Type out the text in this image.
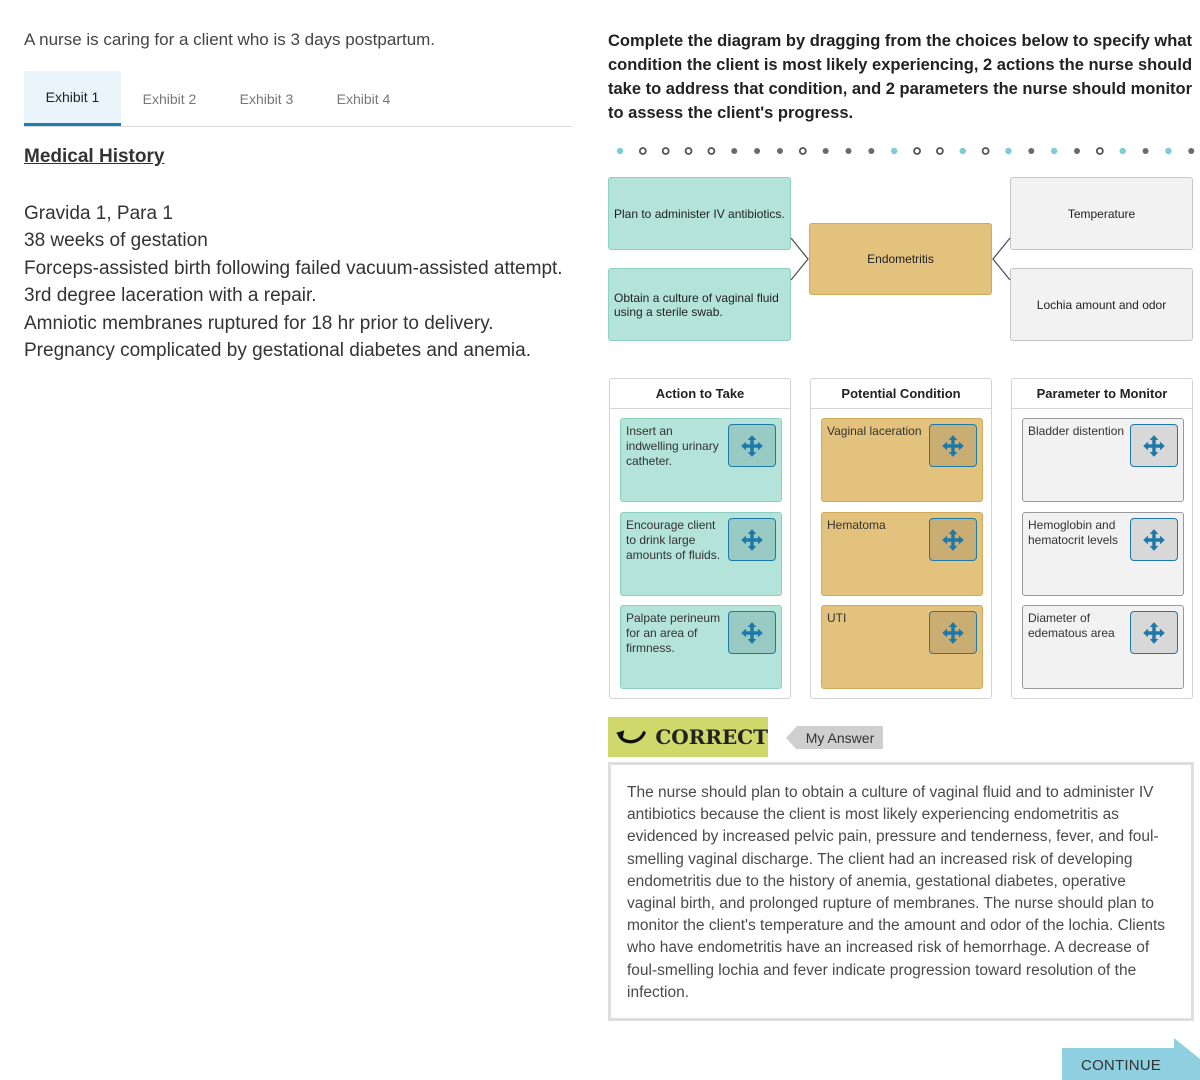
A nurse is caring for a client who is 3 days postpartum.
Exhibit 1	Exhibit 2	Exhibit 3	Exhibit 4
Medical History
Gravida 1, Para 1
38 weeks of gestation
Forceps-assisted birth following failed vacuum-assisted attempt.
3rd degree laceration with a repair.
Amniotic membranes ruptured for 18 hr prior to delivery.
Pregnancy complicated by gestational diabetes and anemia.
Complete the diagram by dragging from the choices below to specify what condition the client is most likely experiencing, 2 actions the nurse should take to address that condition, and 2 parameters the nurse should monitor to assess the client's progress.
Plan to administer IV antibiotics.
Obtain a culture of vaginal fluid using a sterile swab.
Endometritis
Temperature
Lochia amount and odor
Action to Take
Insert an indwelling urinary catheter.
Encourage client to drink large amounts of fluids.
Palpate perineum for an area of firmness.
Potential Condition
Vaginal laceration
Hematoma
UTI
Parameter to Monitor
Bladder distention
Hemoglobin and hematocrit levels
Diameter of edematous area
CORRECT	My Answer
The nurse should plan to obtain a culture of vaginal fluid and to administer IV antibiotics because the client is most likely experiencing endometritis as evidenced by increased pelvic pain, pressure and tenderness, fever, and foul-smelling vaginal discharge. The client had an increased risk of developing endometritis due to the history of anemia, gestational diabetes, operative vaginal birth, and prolonged rupture of membranes. The nurse should plan to monitor the client's temperature and the amount and odor of the lochia. Clients who have endometritis have an increased risk of hemorrhage. A decrease of foul-smelling lochia and fever indicate progression toward resolution of the infection.
CONTINUE
